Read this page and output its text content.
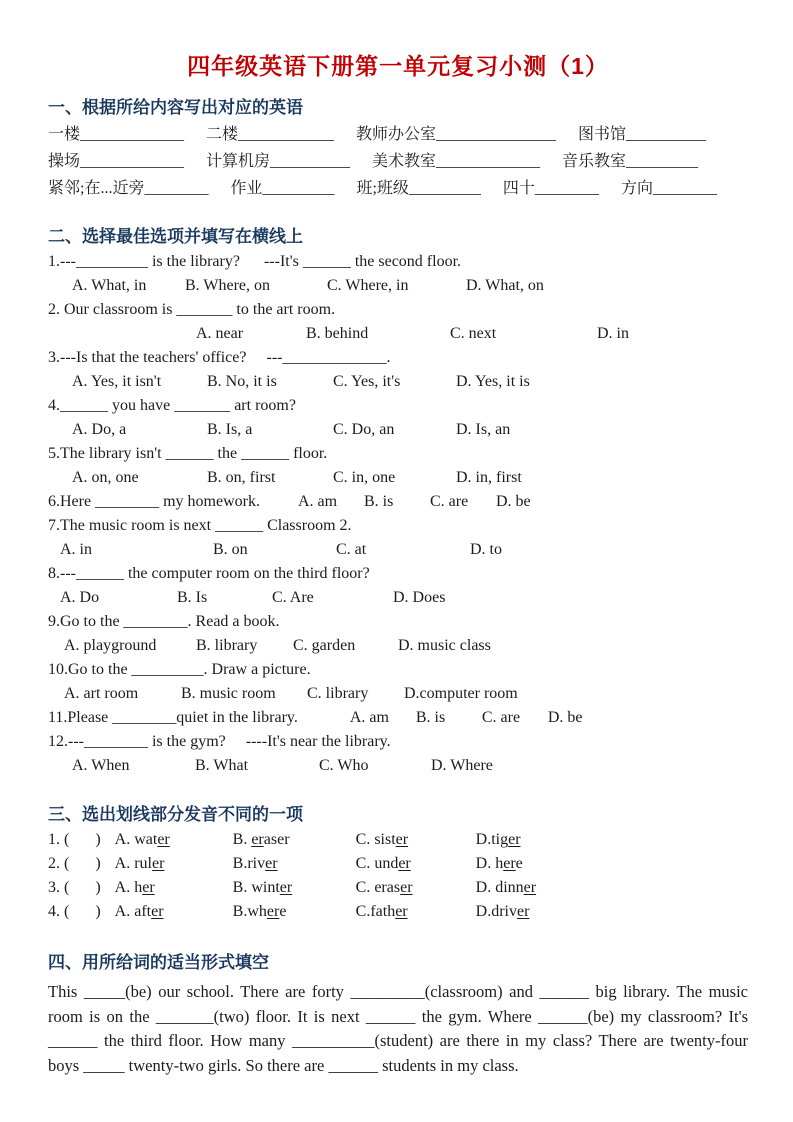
四年级英语下册第一单元复习小测（1）
一、根据所给内容写出对应的英语
一楼_____________ 二楼____________ 教师办公室_______________ 图书馆__________
操场_____________ 计算机房__________ 美术教室_____________ 音乐教室_________
紧邻;在...近旁________ 作业_________ 班;班级_________ 四十________ 方向________
二、选择最佳选项并填写在横线上
1.---_________ is the library?      ---It's ______ the second floor.
A. What, in	B. Where, on	C. Where, in	D. What, on
2. Our classroom is _______ to the art room.
A. near	B. behind	C. next	D. in
3.---Is that the teachers' office?     ---_____________.
A. Yes, it isn't	B. No, it is	C. Yes, it's	D. Yes, it is
4.______ you have _______ art room?
A. Do, a	B. Is, a	C. Do, an	D. Is, an
5.The library isn't ______ the ______ floor.
A. on, one	B. on, first	C. in, one	D. in, first
6.Here ________ my homework. A. am	B. is	C. are	D. be
7.The music room is next ______ Classroom 2.
A. in	B. on	C. at	D. to
8.---______ the computer room on the third floor?
A. Do	B. Is	C. Are	D. Does
9.Go to the ________. Read a book.
A. playground	B. library	C. garden	D. music class
10.Go to the _________. Draw a picture.
A. art room	B. music room	C. library	D.computer room
11.Please ________quiet in the library.	A. am	B. is	C. are	D. be
12.---________ is the gym?     ----It's near the library.
A. When	B. What	C. Who	D. Where
三、选出划线部分发音不同的一项
1. ( ) A. water	B. eraser	C. sister	D.tiger
2. ( ) A. ruler	B.river	C. under	D. here
3. ( ) A. her	B. winter	C. eraser	D. dinner
4. ( ) A. after	B.where	C.father	D.driver
四、用所给词的适当形式填空

This _____(be) our school. There are forty _________(classroom) and ______ big library. The music room is on the _______(two) floor. It is next ______ the gym. Where ______(be) my classroom? It's ______ the third floor. How many __________(student) are there in my class? There are twenty-four boys _____ twenty-two girls. So there are ______ students in my class.
